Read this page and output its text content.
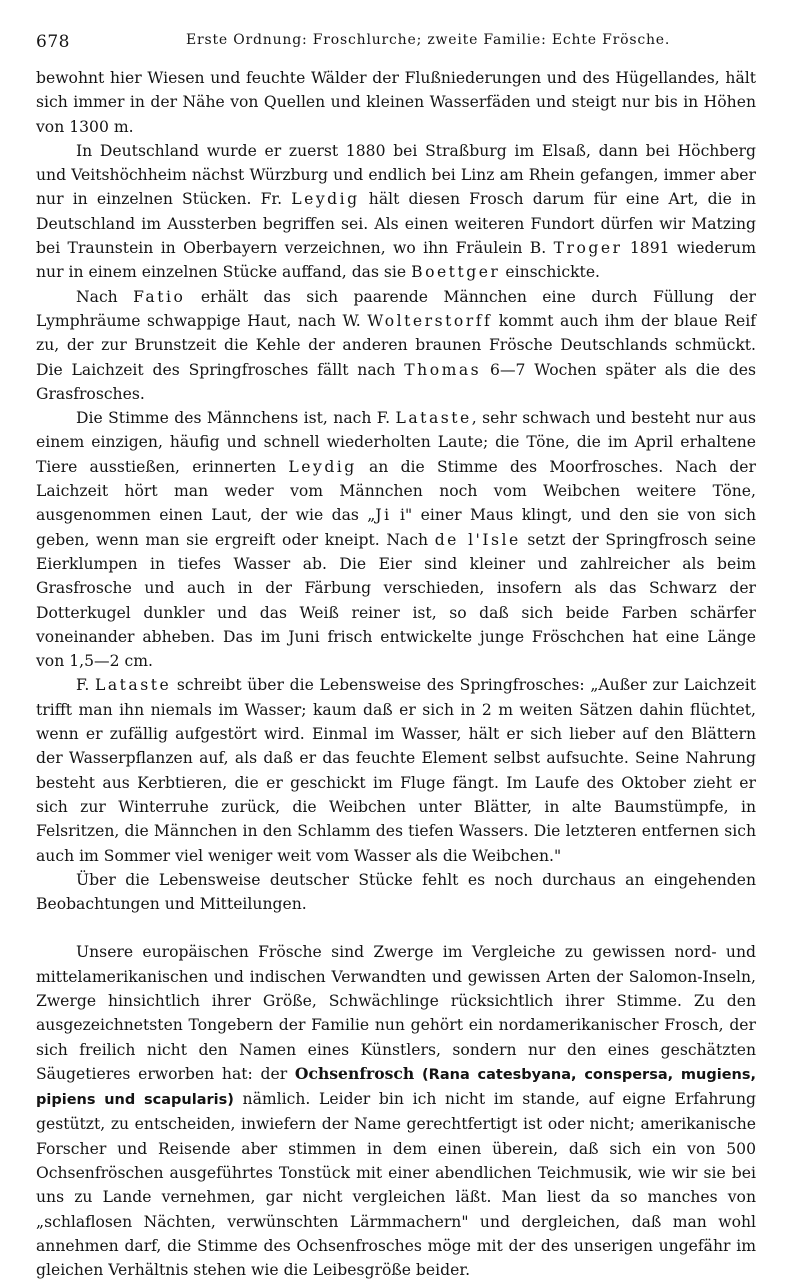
678	Erste Ordnung: Froschlurche; zweite Familie: Echte Frösche.

bewohnt hier Wiesen und feuchte Wälder der Flußniederungen und des Hügellandes, hält sich immer in der Nähe von Quellen und kleinen Wasserfäden und steigt nur bis in Höhen von 1300 m.

In Deutschland wurde er zuerst 1880 bei Straßburg im Elsaß, dann bei Höchberg und Veitshöchheim nächst Würzburg und endlich bei Linz am Rhein gefangen, immer aber nur in einzelnen Stücken. Fr. Leydig hält diesen Frosch darum für eine Art, die in Deutschland im Aussterben begriffen sei. Als einen weiteren Fundort dürfen wir Matzing bei Traunstein in Oberbayern verzeichnen, wo ihn Fräulein B. Troger 1891 wiederum nur in einem einzelnen Stücke auffand, das sie Boettger einschickte.

Nach Fatio erhält das sich paarende Männchen eine durch Füllung der Lymphräume schwappige Haut, nach W. Wolterstorff kommt auch ihm der blaue Reif zu, der zur Brunstzeit die Kehle der anderen braunen Frösche Deutschlands schmückt. Die Laichzeit des Springfrosches fällt nach Thomas 6—7 Wochen später als die des Grasfrosches.

Die Stimme des Männchens ist, nach F. Lataste, sehr schwach und besteht nur aus einem einzigen, häufig und schnell wiederholten Laute; die Töne, die im April erhaltene Tiere ausstießen, erinnerten Leydig an die Stimme des Moorfrosches. Nach der Laichzeit hört man weder vom Männchen noch vom Weibchen weitere Töne, ausgenommen einen Laut, der wie das „Ji i" einer Maus klingt, und den sie von sich geben, wenn man sie ergreift oder kneipt. Nach de l'Isle setzt der Springfrosch seine Eierklumpen in tiefes Wasser ab. Die Eier sind kleiner und zahlreicher als beim Grasfrosche und auch in der Färbung verschieden, insofern als das Schwarz der Dotterkugel dunkler und das Weiß reiner ist, so daß sich beide Farben schärfer voneinander abheben. Das im Juni frisch entwickelte junge Fröschchen hat eine Länge von 1,5—2 cm.

F. Lataste schreibt über die Lebensweise des Springfrosches: „Außer zur Laichzeit trifft man ihn niemals im Wasser; kaum daß er sich in 2 m weiten Sätzen dahin flüchtet, wenn er zufällig aufgestört wird. Einmal im Wasser, hält er sich lieber auf den Blättern der Wasserpflanzen auf, als daß er das feuchte Element selbst aufsuchte. Seine Nahrung besteht aus Kerbtieren, die er geschickt im Fluge fängt. Im Laufe des Oktober zieht er sich zur Winterruhe zurück, die Weibchen unter Blätter, in alte Baumstümpfe, in Felsritzen, die Männchen in den Schlamm des tiefen Wassers. Die letzteren entfernen sich auch im Sommer viel weniger weit vom Wasser als die Weibchen."

Über die Lebensweise deutscher Stücke fehlt es noch durchaus an eingehenden Beobachtungen und Mitteilungen.

Unsere europäischen Frösche sind Zwerge im Vergleiche zu gewissen nord- und mittelamerikanischen und indischen Verwandten und gewissen Arten der Salomon-Inseln, Zwerge hinsichtlich ihrer Größe, Schwächlinge rücksichtlich ihrer Stimme. Zu den ausgezeichnetsten Tongebern der Familie nun gehört ein nordamerikanischer Frosch, der sich freilich nicht den Namen eines Künstlers, sondern nur den eines geschätzten Säugetieres erworben hat: der Ochsenfrosch (Rana catesbyana, conspersa, mugiens, pipiens und scapularis) nämlich. Leider bin ich nicht im stande, auf eigne Erfahrung gestützt, zu entscheiden, inwiefern der Name gerechtfertigt ist oder nicht; amerikanische Forscher und Reisende aber stimmen in dem einen überein, daß sich ein von 500 Ochsenfröschen ausgeführtes Tonstück mit einer abendlichen Teichmusik, wie wir sie bei uns zu Lande vernehmen, gar nicht vergleichen läßt. Man liest da so manches von „schlaflosen Nächten, verwünschten Lärmmachern" und dergleichen, daß man wohl annehmen darf, die Stimme des Ochsenfrosches möge mit der des unserigen ungefähr im gleichen Verhältnis stehen wie die Leibesgröße beider.
